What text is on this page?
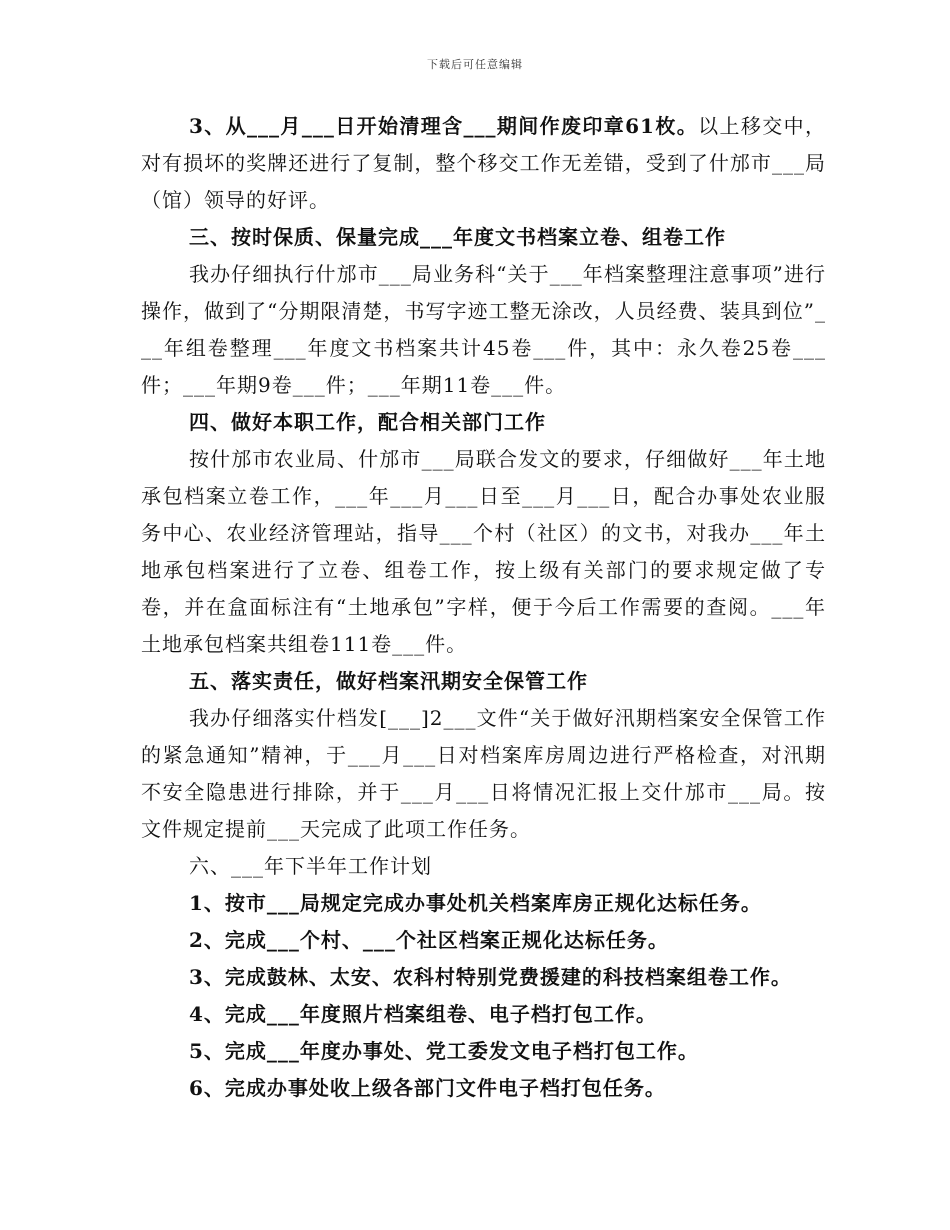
下载后可任意编辑

3、从___月___日开始清理含___期间作废印章61枚。以上移交中，对有损坏的奖牌还进行了复制，整个移交工作无差错，受到了什邡市___局（馆）领导的好评。

三、按时保质、保量完成___年度文书档案立卷、组卷工作

我办仔细执行什邡市___局业务科“关于___年档案整理注意事项”进行操作，做到了“分期限清楚，书写字迹工整无涂改，人员经费、装具到位”___年组卷整理___年度文书档案共计45卷___件，其中：永久卷25卷___件；___年期9卷___件；___年期11卷___件。

四、做好本职工作，配合相关部门工作

按什邡市农业局、什邡市___局联合发文的要求，仔细做好___年土地承包档案立卷工作，___年___月___日至___月___日，配合办事处农业服务中心、农业经济管理站，指导___个村（社区）的文书，对我办___年土地承包档案进行了立卷、组卷工作，按上级有关部门的要求规定做了专卷，并在盒面标注有“土地承包”字样，便于今后工作需要的查阅。___年土地承包档案共组卷111卷___件。

五、落实责任，做好档案汛期安全保管工作

我办仔细落实什档发[___]2___文件“关于做好汛期档案安全保管工作的紧急通知”精神，于___月___日对档案库房周边进行严格检查，对汛期不安全隐患进行排除，并于___月___日将情况汇报上交什邡市___局。按文件规定提前___天完成了此项工作任务。

六、___年下半年工作计划

1、按市___局规定完成办事处机关档案库房正规化达标任务。

2、完成___个村、___个社区档案正规化达标任务。

3、完成鼓林、太安、农科村特别党费援建的科技档案组卷工作。

4、完成___年度照片档案组卷、电子档打包工作。

5、完成___年度办事处、党工委发文电子档打包工作。

6、完成办事处收上级各部门文件电子档打包任务。
